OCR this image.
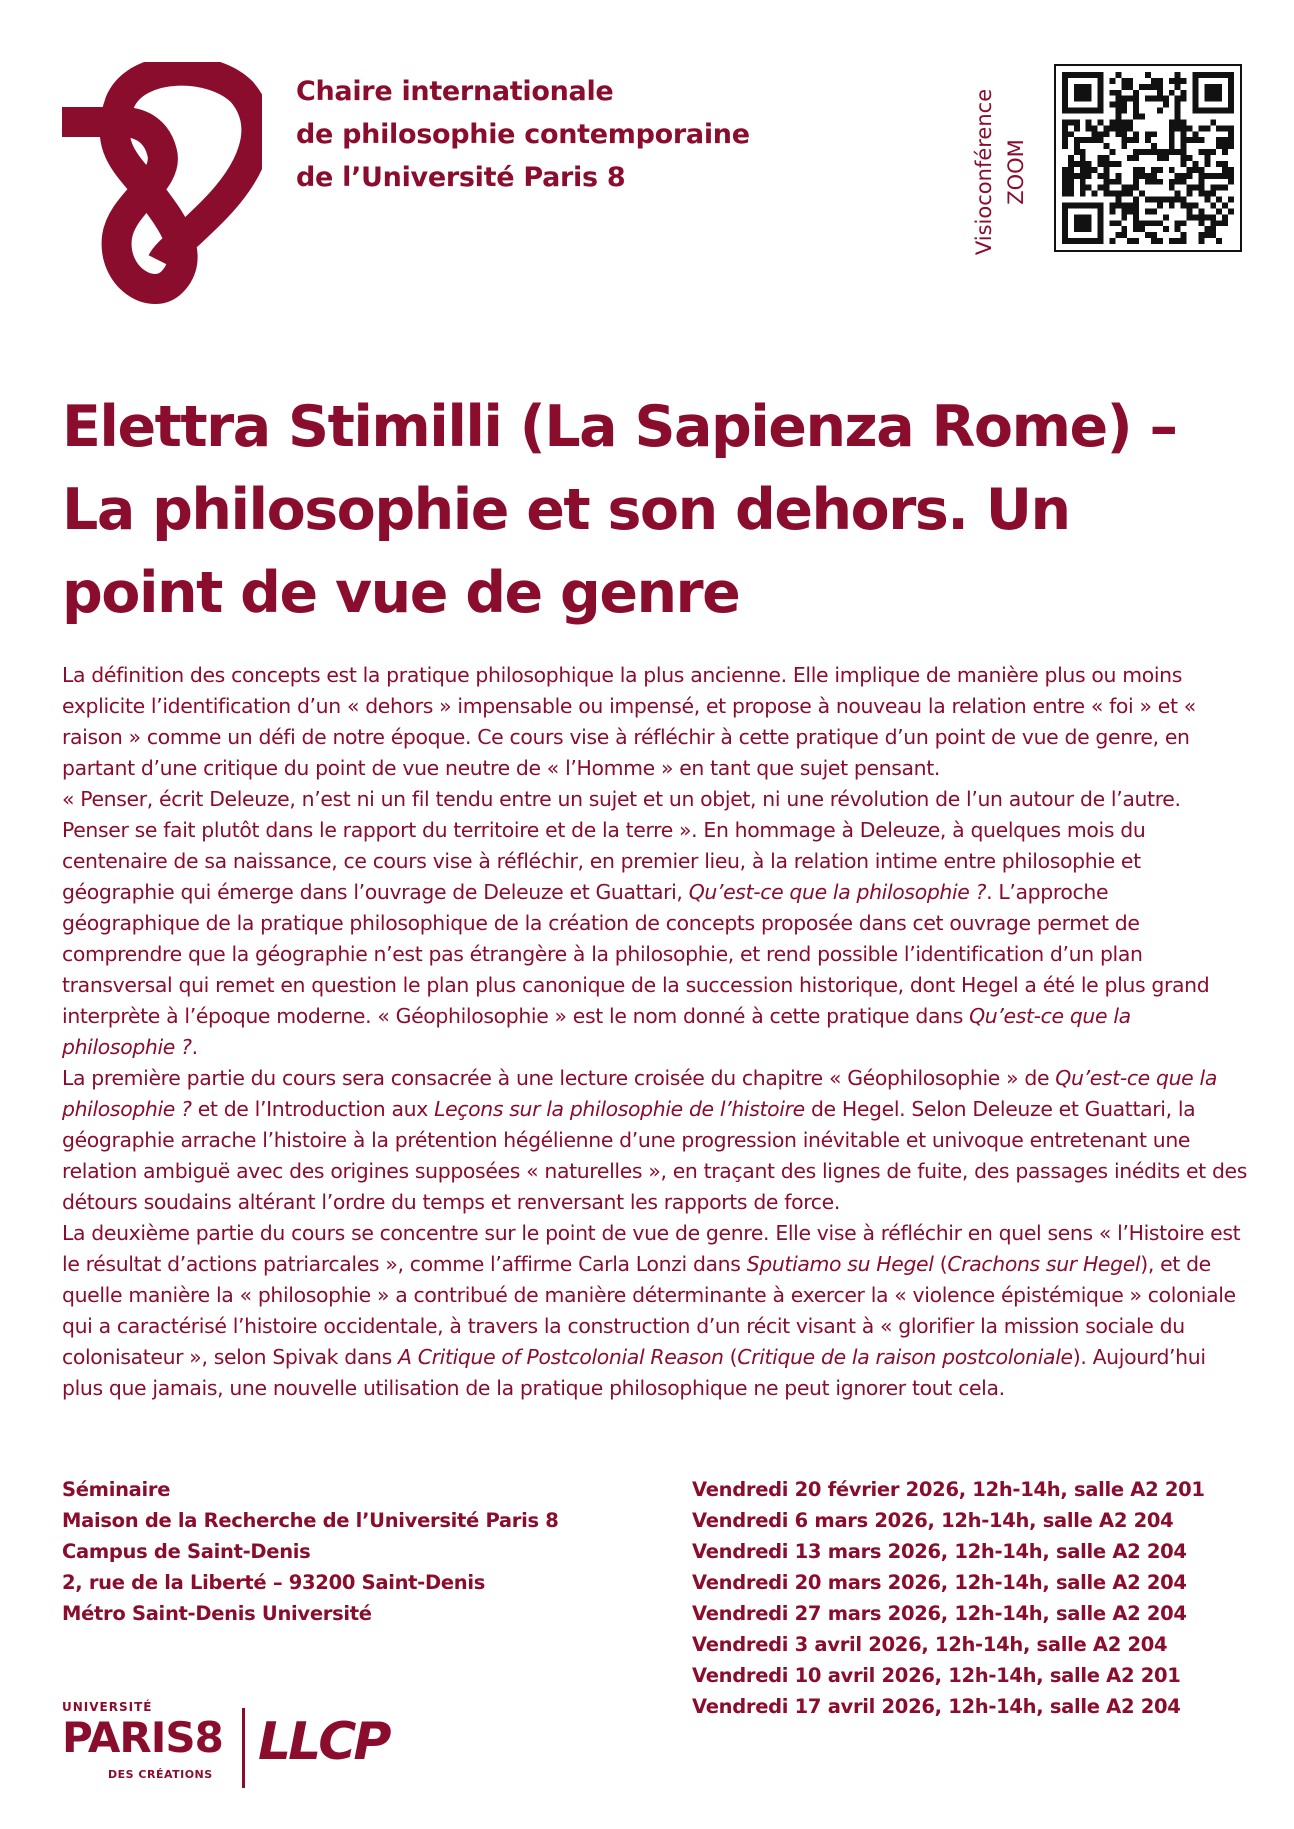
Chaire internationale
de philosophie contemporaine
de l’Université Paris 8	Visioconférence ZOOM
Elettra Stimilli (La Sapienza Rome) – La philosophie et son dehors. Un point de vue de genre

La définition des concepts est la pratique philosophique la plus ancienne. Elle implique de manière plus ou moins explicite l’identification d’un « dehors » impensable ou impensé, et propose à nouveau la relation entre « foi » et « raison » comme un défi de notre époque. Ce cours vise à réfléchir à cette pratique d’un point de vue de genre, en partant d’une critique du point de vue neutre de « l’Homme » en tant que sujet pensant.

« Penser, écrit Deleuze, n’est ni un fil tendu entre un sujet et un objet, ni une révolution de l’un autour de l’autre. Penser se fait plutôt dans le rapport du territoire et de la terre ». En hommage à Deleuze, à quelques mois du centenaire de sa naissance, ce cours vise à réfléchir, en premier lieu, à la relation intime entre philosophie et géographie qui émerge dans l’ouvrage de Deleuze et Guattari, Qu’est-ce que la philosophie ?. L’approche géographique de la pratique philosophique de la création de concepts proposée dans cet ouvrage permet de comprendre que la géographie n’est pas étrangère à la philosophie, et rend possible l’identification d’un plan transversal qui remet en question le plan plus canonique de la succession historique, dont Hegel a été le plus grand interprète à l’époque moderne. « Géophilosophie » est le nom donné à cette pratique dans Qu’est-ce que la philosophie ?.

La première partie du cours sera consacrée à une lecture croisée du chapitre « Géophilosophie » de Qu’est-ce que la philosophie ? et de l’Introduction aux Leçons sur la philosophie de l’histoire de Hegel. Selon Deleuze et Guattari, la géographie arrache l’histoire à la prétention hégélienne d’une progression inévitable et univoque entretenant une relation ambiguë avec des origines supposées « naturelles », en traçant des lignes de fuite, des passages inédits et des détours soudains altérant l’ordre du temps et renversant les rapports de force.

La deuxième partie du cours se concentre sur le point de vue de genre. Elle vise à réfléchir en quel sens « l’Histoire est le résultat d’actions patriarcales », comme l’affirme Carla Lonzi dans Sputiamo su Hegel (Crachons sur Hegel), et de quelle manière la « philosophie » a contribué de manière déterminante à exercer la « violence épistémique » coloniale qui a caractérisé l’histoire occidentale, à travers la construction d’un récit visant à « glorifier la mission sociale du colonisateur », selon Spivak dans A Critique of Postcolonial Reason (Critique de la raison postcoloniale). Aujourd’hui plus que jamais, une nouvelle utilisation de la pratique philosophique ne peut ignorer tout cela.

Séminaire
Maison de la Recherche de l’Université Paris 8
Campus de Saint-Denis
2, rue de la Liberté – 93200 Saint-Denis
Métro Saint-Denis Université
Vendredi 20 février 2026, 12h-14h, salle A2 201
Vendredi 6 mars 2026, 12h-14h, salle A2 204
Vendredi 13 mars 2026, 12h-14h, salle A2 204
Vendredi 20 mars 2026, 12h-14h, salle A2 204
Vendredi 27 mars 2026, 12h-14h, salle A2 204
Vendredi 3 avril 2026, 12h-14h, salle A2 204
Vendredi 10 avril 2026, 12h-14h, salle A2 201
Vendredi 17 avril 2026, 12h-14h, salle A2 204
UNIVERSITÉ
PARIS8
DES CRÉATIONS
LLCP
